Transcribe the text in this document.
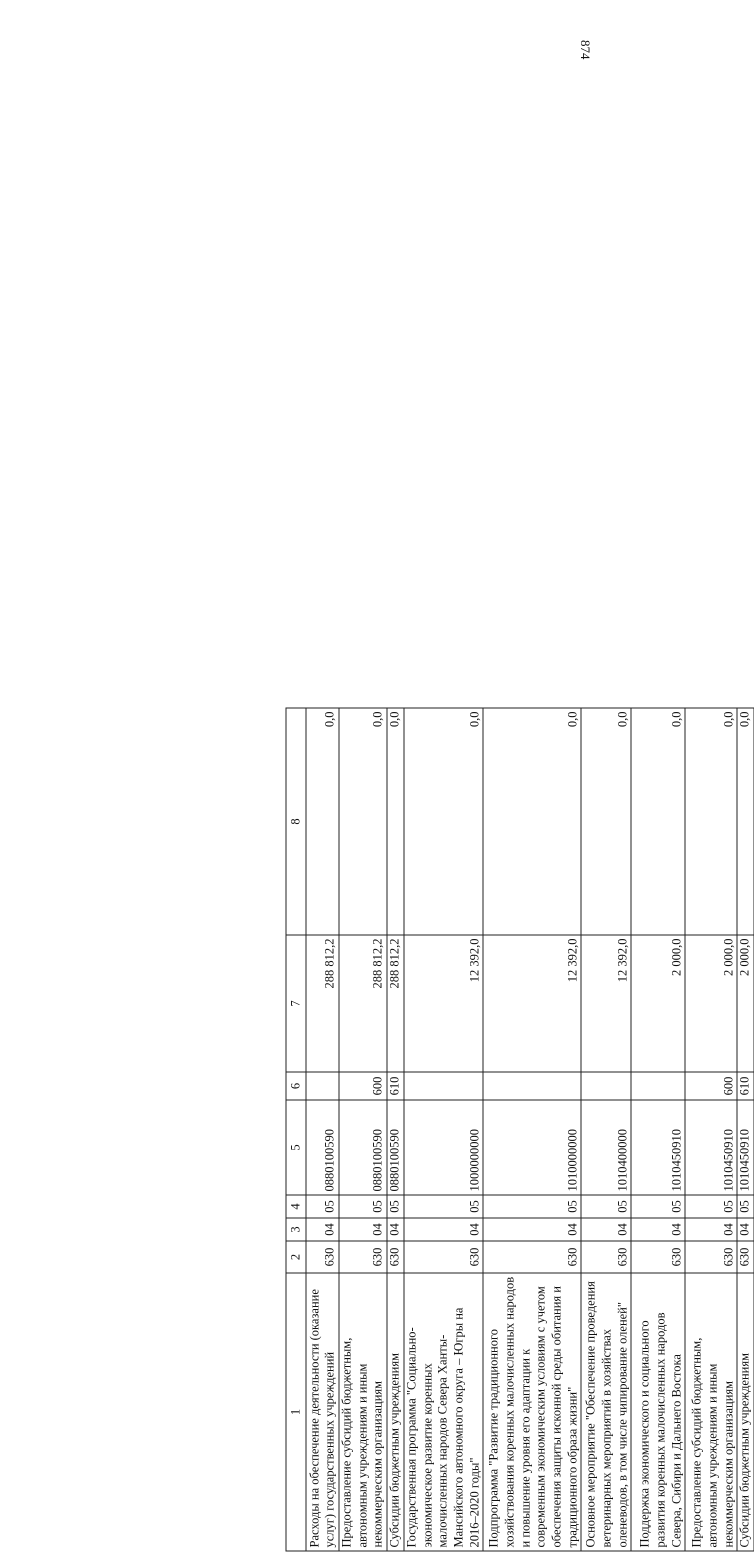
874
1	2	3	4	5	6	7	8
Расходы на обеспечение деятельности (оказание услуг) государственных учреждений	630	04	05	0880100590		288 812,2	0,0
Предоставление субсидий бюджетным, автономным учреждениям и иным некоммерческим организациям	630	04	05	0880100590	600	288 812,2	0,0
Субсидии бюджетным учреждениям	630	04	05	0880100590	610	288 812,2	0,0
Государственная программа "Социально-экономическое развитие коренных малочисленных народов Севера Ханты-Мансийского автономного округа – Югры на 2016–2020 годы"	630	04	05	1000000000		12 392,0	0,0
Подпрограмма "Развитие традиционного хозяйствования коренных малочисленных народов и повышение уровня его адаптации к современным экономическим условиям с учетом обеспечения защиты исконной среды обитания и традиционного образа жизни"	630	04	05	1010000000		12 392,0	0,0
Основное мероприятие "Обеспечение проведения ветеринарных мероприятий в хозяйствах оленеводов, в том числе чипирование оленей"	630	04	05	1010400000		12 392,0	0,0
Поддержка экономического и социального развития коренных малочисленных народов Севера, Сибири и Дальнего Востока	630	04	05	1010450910		2 000,0	0,0
Предоставление субсидий бюджетным, автономным учреждениям и иным некоммерческим организациям	630	04	05	1010450910	600	2 000,0	0,0
Субсидии бюджетным учреждениям	630	04	05	1010450910	610	2 000,0	0,0
